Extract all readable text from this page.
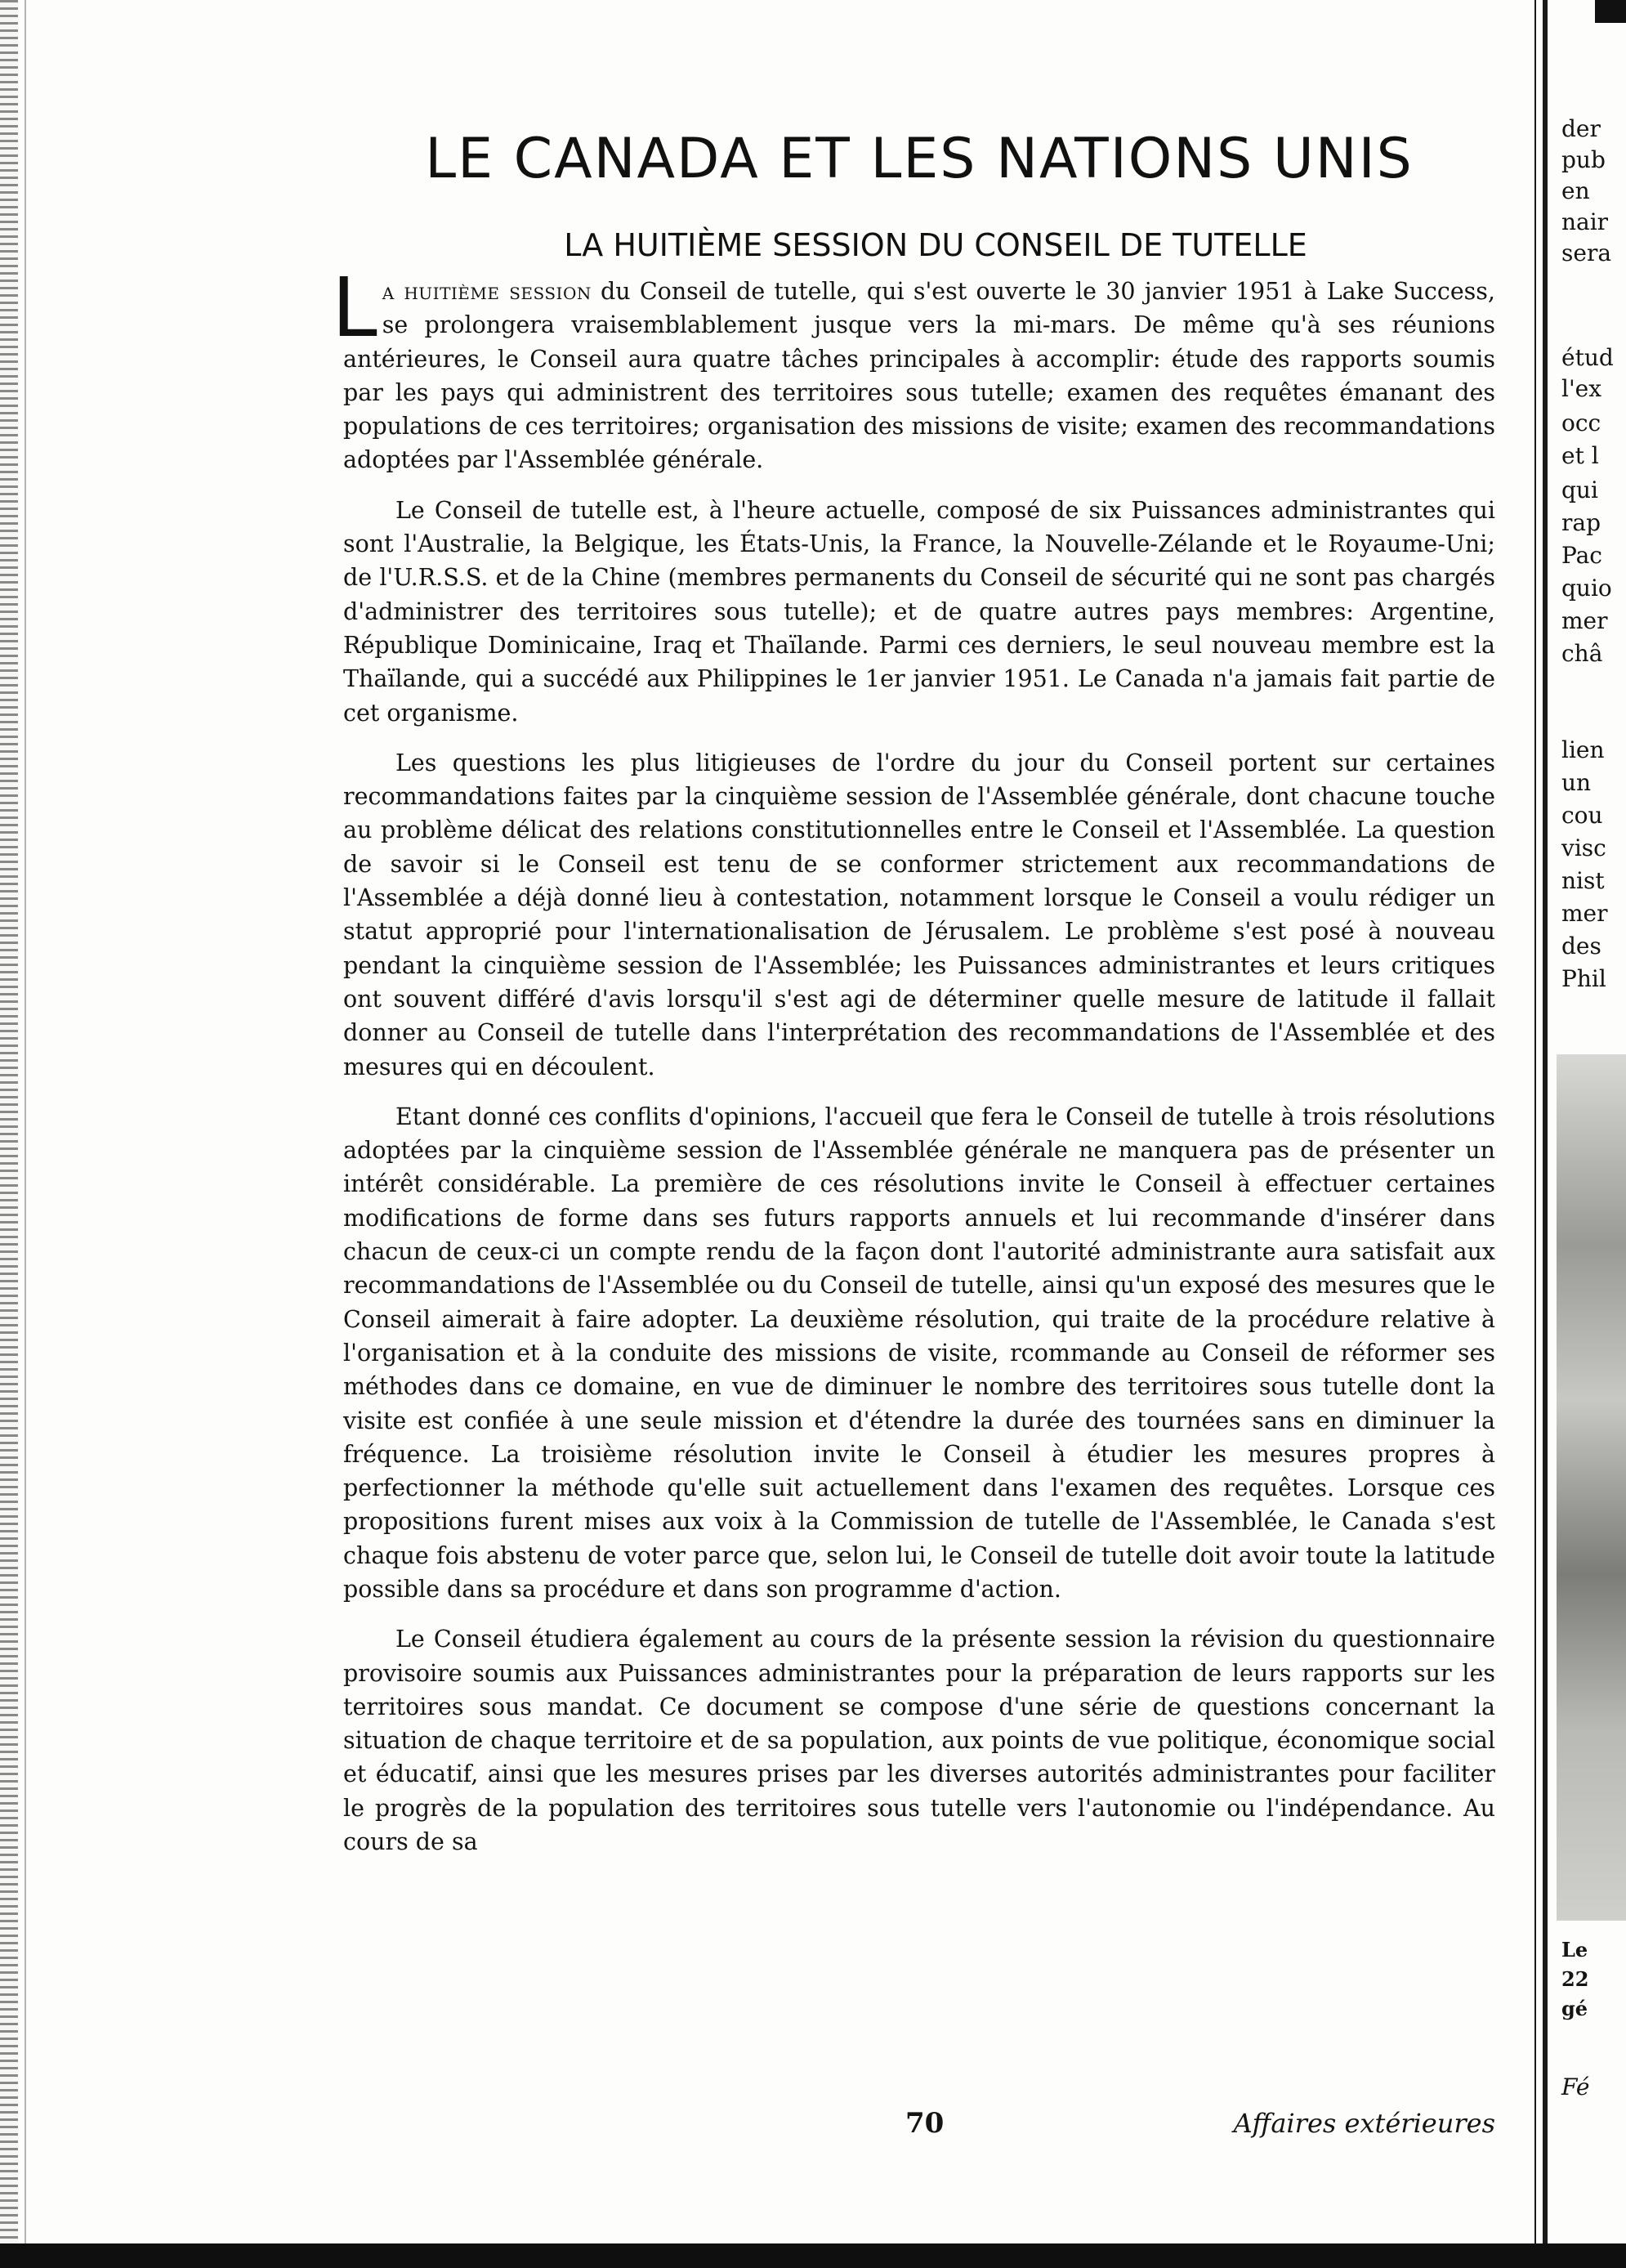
LE CANADA ET LES NATIONS UNIS
LA HUITIÈME SESSION DU CONSEIL DE TUTELLE

La huitième session du Conseil de tutelle, qui s'est ouverte le 30 janvier 1951 à Lake Success, se prolongera vraisemblablement jusque vers la mi-mars. De même qu'à ses réunions antérieures, le Conseil aura quatre tâches principales à accomplir: étude des rapports soumis par les pays qui administrent des territoires sous tutelle; examen des requêtes émanant des populations de ces territoires; organisation des missions de visite; examen des recommandations adoptées par l'Assemblée générale.

Le Conseil de tutelle est, à l'heure actuelle, composé de six Puissances administrantes qui sont l'Australie, la Belgique, les États-Unis, la France, la Nouvelle-Zélande et le Royaume-Uni; de l'U.R.S.S. et de la Chine (membres permanents du Conseil de sécurité qui ne sont pas chargés d'administrer des territoires sous tutelle); et de quatre autres pays membres: Argentine, République Dominicaine, Iraq et Thaïlande. Parmi ces derniers, le seul nouveau membre est la Thaïlande, qui a succédé aux Philippines le 1er janvier 1951. Le Canada n'a jamais fait partie de cet organisme.

Les questions les plus litigieuses de l'ordre du jour du Conseil portent sur certaines recommandations faites par la cinquième session de l'Assemblée générale, dont chacune touche au problème délicat des relations constitutionnelles entre le Conseil et l'Assemblée. La question de savoir si le Conseil est tenu de se conformer strictement aux recommandations de l'Assemblée a déjà donné lieu à contestation, notamment lorsque le Conseil a voulu rédiger un statut approprié pour l'internationalisation de Jérusalem. Le problème s'est posé à nouveau pendant la cinquième session de l'Assemblée; les Puissances administrantes et leurs critiques ont souvent différé d'avis lorsqu'il s'est agi de déterminer quelle mesure de latitude il fallait donner au Conseil de tutelle dans l'interprétation des recommandations de l'Assemblée et des mesures qui en découlent.

Etant donné ces conflits d'opinions, l'accueil que fera le Conseil de tutelle à trois résolutions adoptées par la cinquième session de l'Assemblée générale ne manquera pas de présenter un intérêt considérable. La première de ces résolutions invite le Conseil à effectuer certaines modifications de forme dans ses futurs rapports annuels et lui recommande d'insérer dans chacun de ceux-ci un compte rendu de la façon dont l'autorité administrante aura satisfait aux recommandations de l'Assemblée ou du Conseil de tutelle, ainsi qu'un exposé des mesures que le Conseil aimerait à faire adopter. La deuxième résolution, qui traite de la procédure relative à l'organisation et à la conduite des missions de visite, rcommande au Conseil de réformer ses méthodes dans ce domaine, en vue de diminuer le nombre des territoires sous tutelle dont la visite est confiée à une seule mission et d'étendre la durée des tournées sans en diminuer la fréquence. La troisième résolution invite le Conseil à étudier les mesures propres à perfectionner la méthode qu'elle suit actuellement dans l'examen des requêtes. Lorsque ces propositions furent mises aux voix à la Commission de tutelle de l'Assemblée, le Canada s'est chaque fois abstenu de voter parce que, selon lui, le Conseil de tutelle doit avoir toute la latitude possible dans sa procédure et dans son programme d'action.

Le Conseil étudiera également au cours de la présente session la révision du questionnaire provisoire soumis aux Puissances administrantes pour la préparation de leurs rapports sur les territoires sous mandat. Ce document se compose d'une série de questions concernant la situation de chaque territoire et de sa population, aux points de vue politique, économique social et éducatif, ainsi que les mesures prises par les diverses autorités administrantes pour faciliter le progrès de la population des territoires sous tutelle vers l'autonomie ou l'indépendance. Au cours de sa

70	Affaires extérieures
der
pub
en
nair
sera
étud
l'ex
occ
et l
qui
rap
Pac
quio
mer
châ
lien
un
cou
visc
nist
mer
des
Phil
Le
22
gé
Fé
